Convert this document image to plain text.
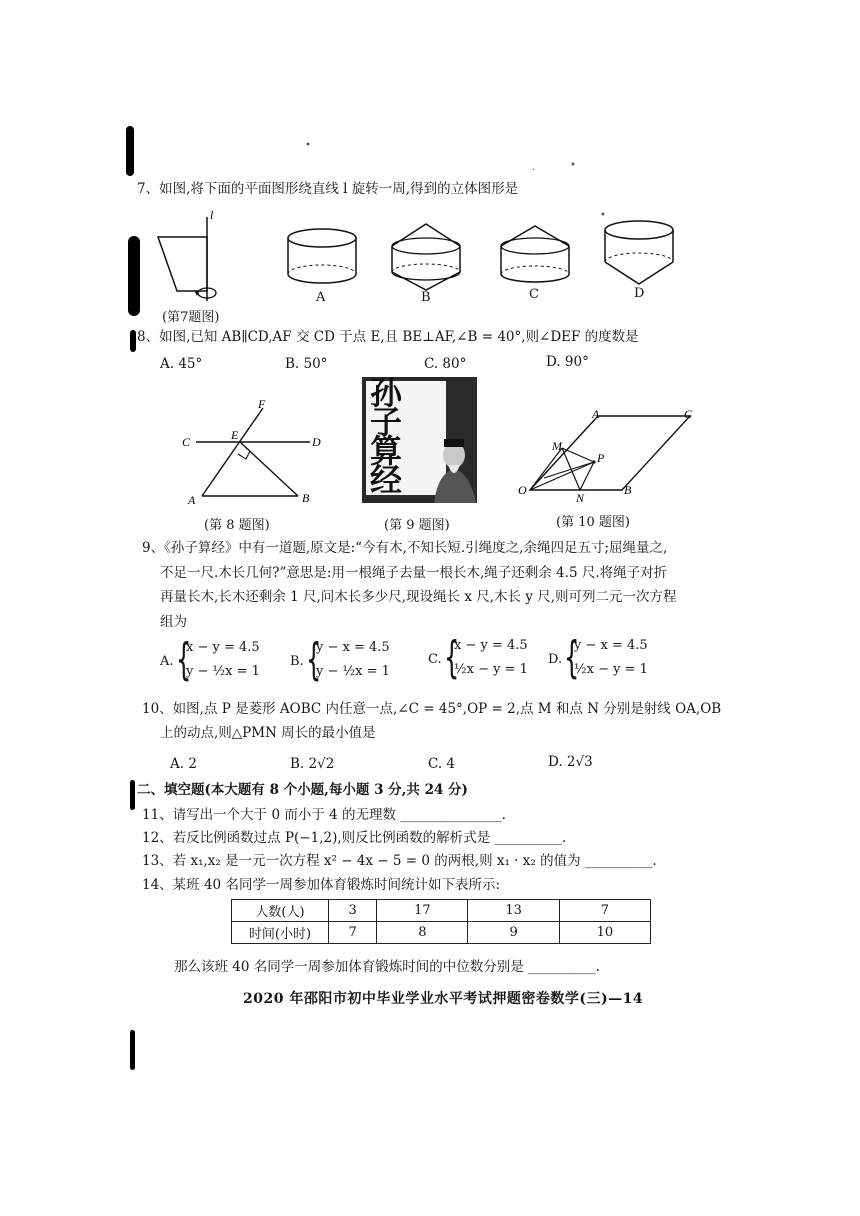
•
·	•
•
7、如图,将下面的平面图形绕直线 l 旋转一周,得到的立体图形是
l
(第7题图)
A	B	C	D
8、如图,已知 AB∥CD,AF 交 CD 于点 E,且 BE⊥AF,∠B = 40°,则∠DEF 的度数是
A. 45°	B. 50°	C. 80°	D. 90°
F
C	E	D
A	B
(第 8 题图)
孙
子
算
经
(第 9 题图)
A	C
M
P
O
N
B
(第 10 题图)
9、《孙子算经》中有一道题,原文是:“今有木,不知长短.引绳度之,余绳四足五寸;屈绳量之,
不足一尺.木长几何?”意思是:用一根绳子去量一根长木,绳子还剩余 4.5 尺.将绳子对折
再量长木,长木还剩余 1 尺,问木长多少尺,现设绳长 x 尺,木长 y 尺,则可列二元一次方程
组为
A. {
x − y = 4.5
y − ½x = 1
B. {
y − x = 4.5
y − ½x = 1
C. {
x − y = 4.5
½x − y = 1
D. {
y − x = 4.5
½x − y = 1
10、如图,点 P 是菱形 AOBC 内任意一点,∠C = 45°,OP = 2,点 M 和点 N 分别是射线 OA,OB
上的动点,则△PMN 周长的最小值是
A. 2	B. 2√2	C. 4	D. 2√3
二、填空题(本大题有 8 个小题,每小题 3 分,共 24 分)
11、请写出一个大于 0 而小于 4 的无理数 _______________.
12、若反比例函数过点 P(−1,2),则反比例函数的解析式是 __________.
13、若 x₁,x₂ 是一元一次方程 x² − 4x − 5 = 0 的两根,则 x₁ · x₂ 的值为 __________.
14、某班 40 名同学一周参加体育锻炼时间统计如下表所示:
人数(人)	3	17	13	7
时间(小时)	7	8	9	10
那么该班 40 名同学一周参加体育锻炼时间的中位数分别是 __________.
2020 年邵阳市初中毕业学业水平考试押题密卷数学(三)—14
